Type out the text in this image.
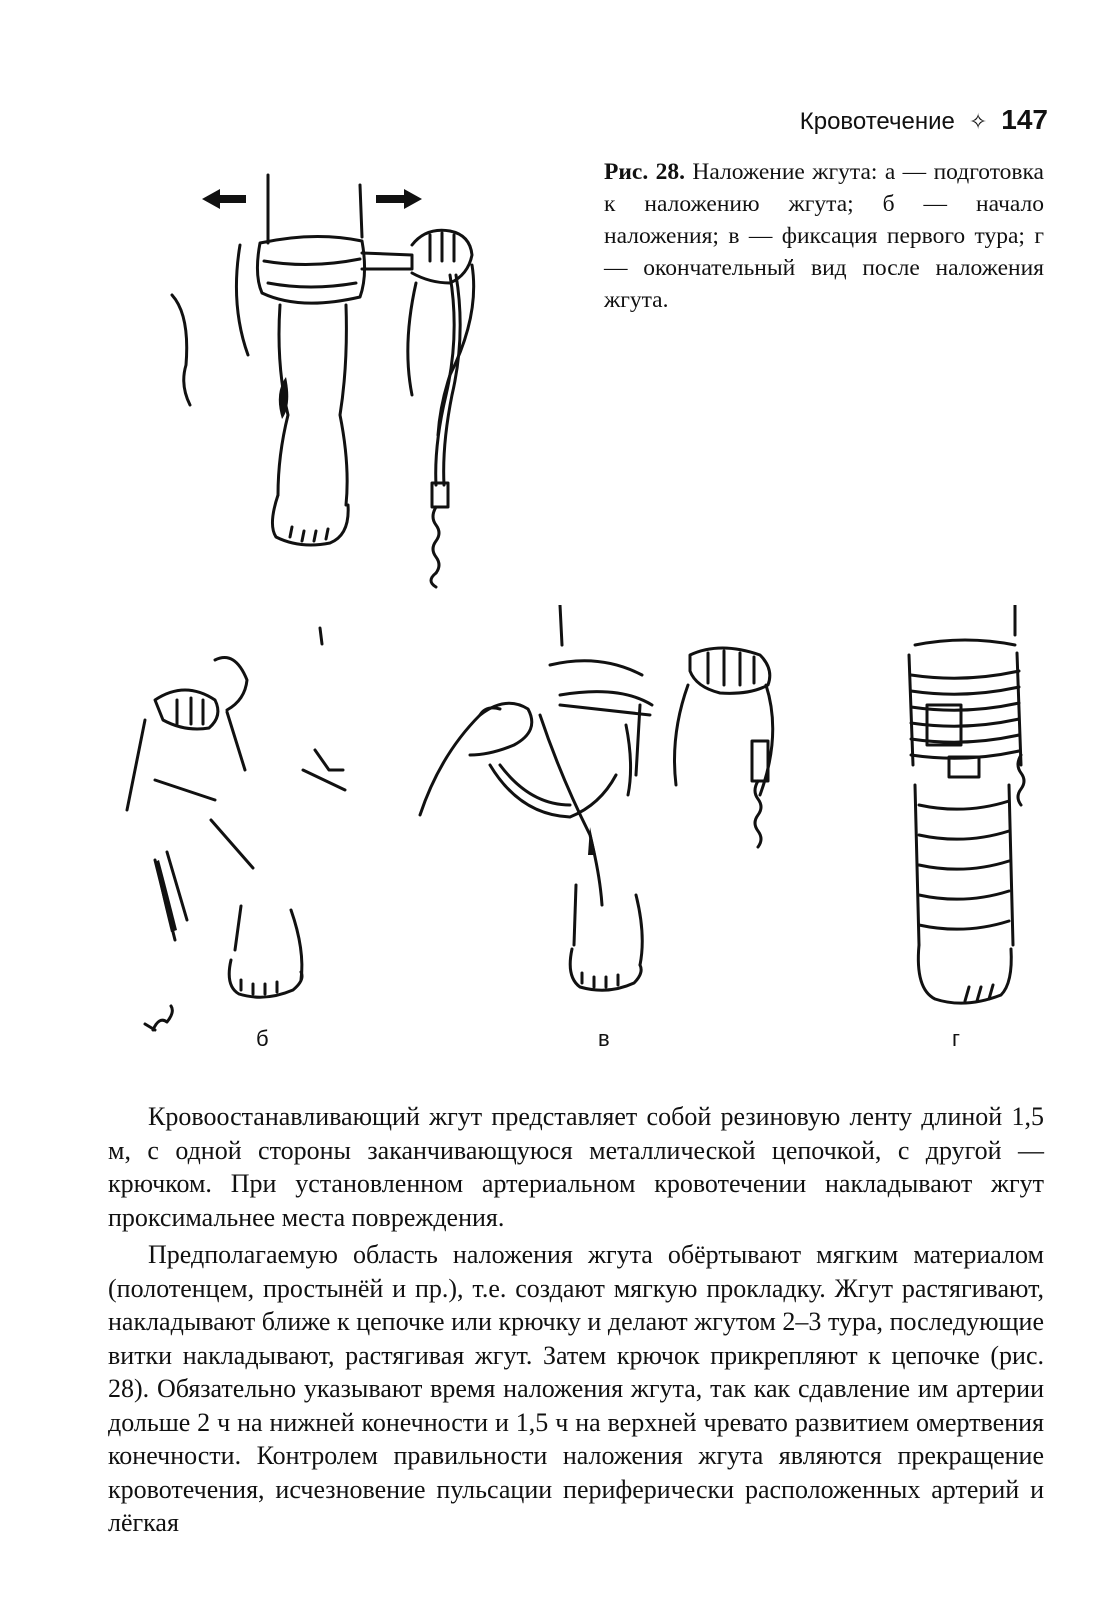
Кровотечение ✧ 147
Рис. 28. Наложение жгута: а — подготовка к наложению жгута; б — начало наложения; в — фиксация первого тура; г — окончательный вид после наложения жгута.
б	в	г

Кровоостанавливающий жгут представляет собой резиновую ленту длиной 1,5 м, с одной стороны заканчивающуюся металлической цепочкой, с другой — крючком. При установленном артериальном кровотечении накладывают жгут проксимальнее места повреждения.

Предполагаемую область наложения жгута обёртывают мягким материалом (полотенцем, простынёй и пр.), т.е. создают мягкую прокладку. Жгут растягивают, накладывают ближе к цепочке или крючку и делают жгутом 2–3 тура, последующие витки накладывают, растягивая жгут. Затем крючок прикрепляют к цепочке (рис. 28). Обязательно указывают время наложения жгута, так как сдавление им артерии дольше 2 ч на нижней конечности и 1,5 ч на верхней чревато развитием омертвения конечности. Контролем правильности наложения жгута являются прекращение кровотечения, исчезновение пульсации периферически расположенных артерий и лёгкая
